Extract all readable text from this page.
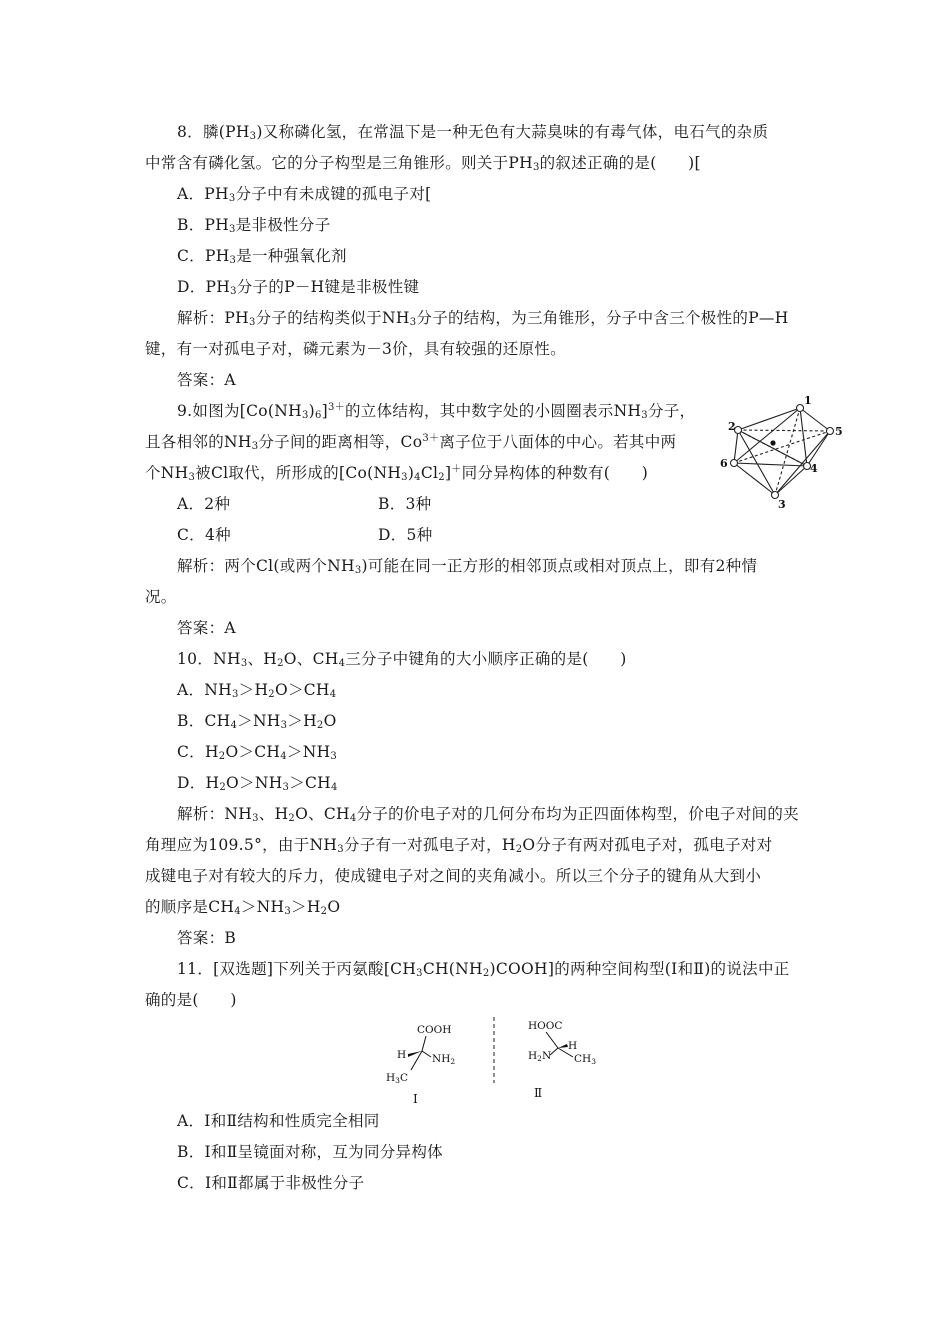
8．膦$(PH_3)$又称磷化氢，在常温下是一种无色有大蒜臭味的有毒气体，电石气的杂质
中常含有磷化氢。它的分子构型是三角锥形。则关于$PH_3$的叙述正确的是(　　)[
A．$PH_3$分子中有未成键的孤电子对[
B．$PH_3$是非极性分子
C．$PH_3$是一种强氧化剂
D．$PH_3$分子的P－H键是非极性键
解析：$PH_3$分子的结构类似于$NH_3$分子的结构，为三角锥形，分子中含三个极性的P—H
键，有一对孤电子对，磷元素为－3价，具有较强的还原性。
答案：A
9.如图为$[Co(NH_3)_6]^{3+}$的立体结构，其中数字处的小圆圈表示$NH_3$分子，
且各相邻的$NH_3$分子间的距离相等，$Co^{3+}$离子位于八面体的中心。若其中两
个$NH_3$被Cl取代，所形成的$[Co(NH_3)_4Cl_2]^+$同分异构体的种数有(　　)
A．2种	B．3种
C．4种	D．5种
解析：两个Cl(或两个$NH_3$)可能在同一正方形的相邻顶点或相对顶点上，即有2种情
况。
答案：A
1
2
3
4
5
6
10．$NH_3$、$H_2O$、$CH_4$三分子中键角的大小顺序正确的是(　　)
A．$NH_3>H_2O>CH_4$
B．$CH_4>NH_3>H_2O$
C．$H_2O>CH_4>NH_3$
D．$H_2O>NH_3>CH_4$
解析：$NH_3$、$H_2O$、$CH_4$分子的价电子对的几何分布均为正四面体构型，价电子对间的夹
角理应为109.5°，由于$NH_3$分子有一对孤电子对，$H_2O$分子有两对孤电子对，孤电子对对
成键电子对有较大的斥力，使成键电子对之间的夹角减小。所以三个分子的键角从大到小
的顺序是$CH_4>NH_3>H_2O$
答案：B
11．[双选题]下列关于丙氨酸$[CH_3CH(NH_2)COOH]$的两种空间构型(Ⅰ和Ⅱ)的说法中正
确的是(　　)
COOH
H NH2
H3C
HOOC
H2N
H
CH3
Ⅰ	Ⅱ
A．Ⅰ和Ⅱ结构和性质完全相同
B．Ⅰ和Ⅱ呈镜面对称，互为同分异构体
C．Ⅰ和Ⅱ都属于非极性分子
